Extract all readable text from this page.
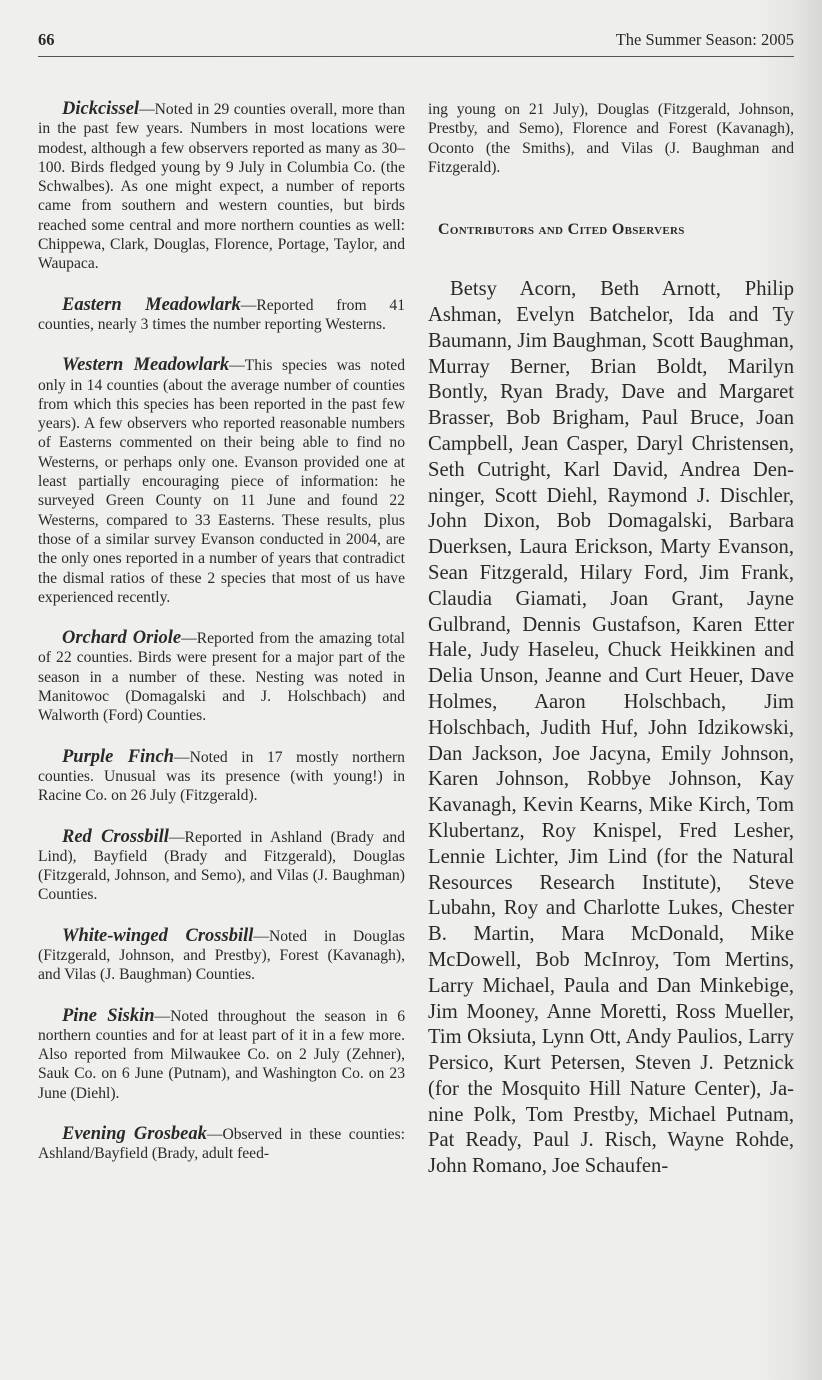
66	The Summer Season: 2005

Dickcissel—Noted in 29 counties overall, more than in the past few years. Numbers in most locations were modest, although a few observers reported as many as 30–100. Birds fledged young by 9 July in Columbia Co. (the Schwalbes). As one might expect, a number of reports came from southern and western counties, but birds reached some central and more northern counties as well: Chippewa, Clark, Douglas, Florence, Portage, Taylor, and Waupaca.

Eastern Meadowlark—Reported from 41 counties, nearly 3 times the number reporting Westerns.

Western Meadowlark—This species was noted only in 14 counties (about the average number of counties from which this species has been reported in the past few years). A few observers who reported reasonable numbers of Easterns commented on their being able to find no Westerns, or perhaps only one. Evanson provided one at least partially encouraging piece of information: he surveyed Green County on 11 June and found 22 Westerns, compared to 33 Easterns. These results, plus those of a similar survey Evanson conducted in 2004, are the only ones reported in a number of years that contradict the dismal ratios of these 2 species that most of us have experienced recently.

Orchard Oriole—Reported from the amazing total of 22 counties. Birds were present for a major part of the season in a number of these. Nesting was noted in Manitowoc (Domagalski and J. Holschbach) and Walworth (Ford) Counties.

Purple Finch—Noted in 17 mostly northern counties. Unusual was its presence (with young!) in Racine Co. on 26 July (Fitzgerald).

Red Crossbill—Reported in Ashland (Brady and Lind), Bayfield (Brady and Fitzgerald), Douglas (Fitzgerald, Johnson, and Semo), and Vilas (J. Baughman) Counties.

White-winged Crossbill—Noted in Douglas (Fitzgerald, Johnson, and Prestby), Forest (Kavanagh), and Vilas (J. Baughman) Counties.

Pine Siskin—Noted throughout the season in 6 northern counties and for at least part of it in a few more. Also reported from Milwaukee Co. on 2 July (Zehner), Sauk Co. on 6 June (Putnam), and Washington Co. on 23 June (Diehl).

Evening Grosbeak—Observed in these counties: Ashland/Bayfield (Brady, adult feed-

ing young on 21 July), Douglas (Fitzgerald, Johnson, Prestby, and Semo), Florence and Forest (Kavanagh), Oconto (the Smiths), and Vilas (J. Baughman and Fitzgerald).

Contributors and Cited Observers

Betsy Acorn, Beth Arnott, Philip Ashman, Evelyn Batchelor, Ida and Ty Baumann, Jim Baughman, Scott Baughman, Murray Berner, Brian Boldt, Marilyn Bontly, Ryan Brady, Dave and Margaret Brasser, Bob Brigham, Paul Bruce, Joan Campbell, Jean Casper, Daryl Christensen, Seth Cutright, Karl David, Andrea Denninger, Scott Diehl, Raymond J. Dischler, John Dixon, Bob Domagalski, Barbara Duerksen, Laura Erickson, Marty Evanson, Sean Fitzgerald, Hilary Ford, Jim Frank, Claudia Giamati, Joan Grant, Jayne Gulbrand, Dennis Gustafson, Karen Etter Hale, Judy Haseleu, Chuck Heikkinen and Delia Unson, Jeanne and Curt Heuer, Dave Holmes, Aaron Holschbach, Jim Holschbach, Judith Huf, John Idzikowski, Dan Jackson, Joe Jacyna, Emily Johnson, Karen Johnson, Robbye Johnson, Kay Kavanagh, Kevin Kearns, Mike Kirch, Tom Klubertanz, Roy Knispel, Fred Lesher, Lennie Lichter, Jim Lind (for the Natural Resources Research Institute), Steve Lubahn, Roy and Charlotte Lukes, Chester B. Martin, Mara McDonald, Mike McDowell, Bob McInroy, Tom Mertins, Larry Michael, Paula and Dan Minkebige, Jim Mooney, Anne Moretti, Ross Mueller, Tim Oksiuta, Lynn Ott, Andy Paulios, Larry Persico, Kurt Petersen, Steven J. Petznick (for the Mosquito Hill Nature Center), Janine Polk, Tom Prestby, Michael Putnam, Pat Ready, Paul J. Risch, Wayne Rohde, John Romano, Joe Schaufen-
